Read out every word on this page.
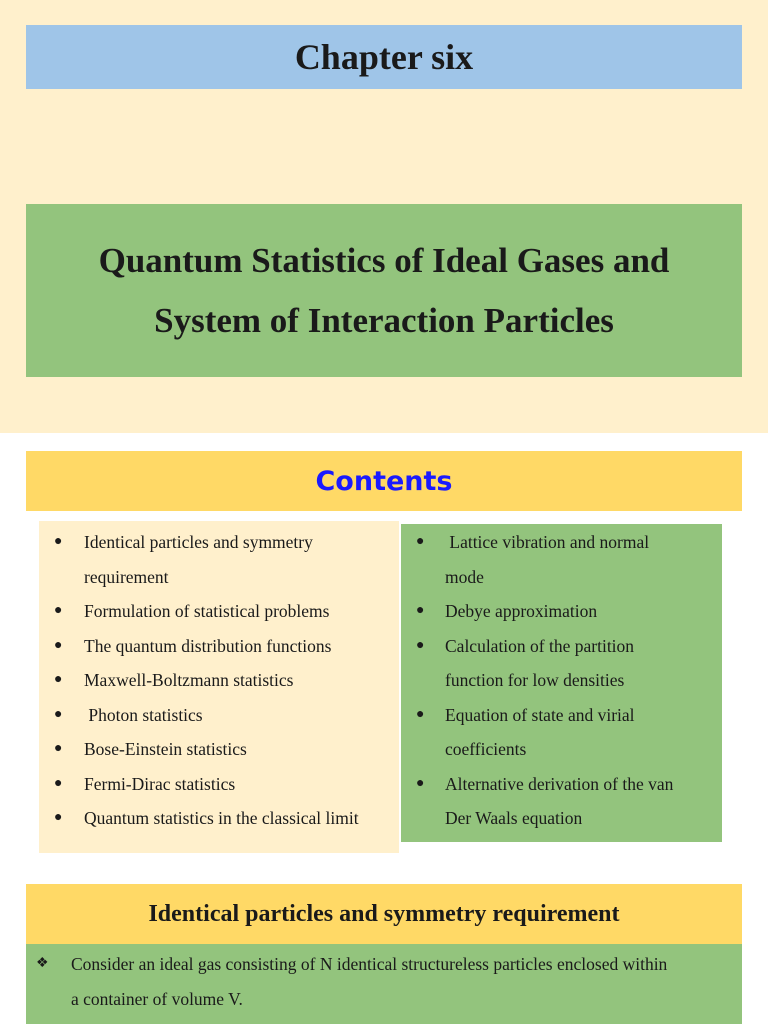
Chapter six
Quantum Statistics of Ideal Gases and
System of Interaction Particles
Contents
● Identical particles and symmetry
requirement
● Formulation of statistical problems
● The quantum distribution functions
● Maxwell-Boltzmann statistics
● Photon statistics
● Bose-Einstein statistics
● Fermi-Dirac statistics
● Quantum statistics in the classical limit
● Lattice vibration and normal
mode
● Debye approximation
● Calculation of the partition
function for low densities
● Equation of state and virial
coefficients
● Alternative derivation of the van
Der Waals equation
Identical particles and symmetry requirement
❖ Consider an ideal gas consisting of N identical structureless particles enclosed within
a container of volume V.
